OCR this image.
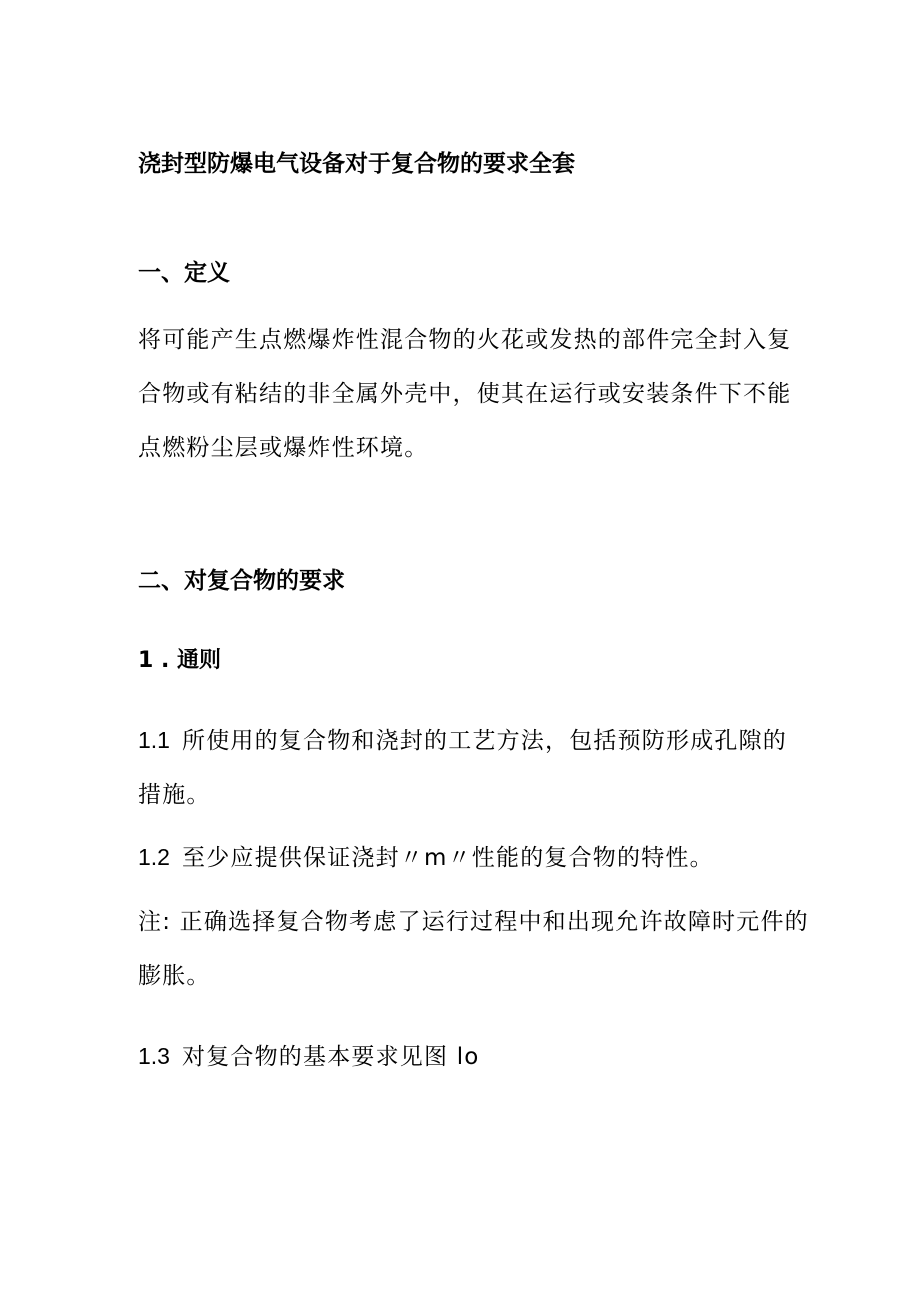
浇封型防爆电气设备对于复合物的要求全套
一、定义
将可能产生点燃爆炸性混合物的火花或发热的部件完全封入复
合物或有粘结的非全属外壳中，使其在运行或安装条件下不能
点燃粉尘层或爆炸性环境。
二、对复合物的要求
1 . 通则
1.1 所使用的复合物和浇封的工艺方法，包括预防形成孔隙的
措施。
1.2 至少应提供保证浇封〃m〃性能的复合物的特性。
注: 正确选择复合物考虑了运行过程中和出现允许故障时元件的
膨胀。
1.3 对复合物的基本要求见图 lo
